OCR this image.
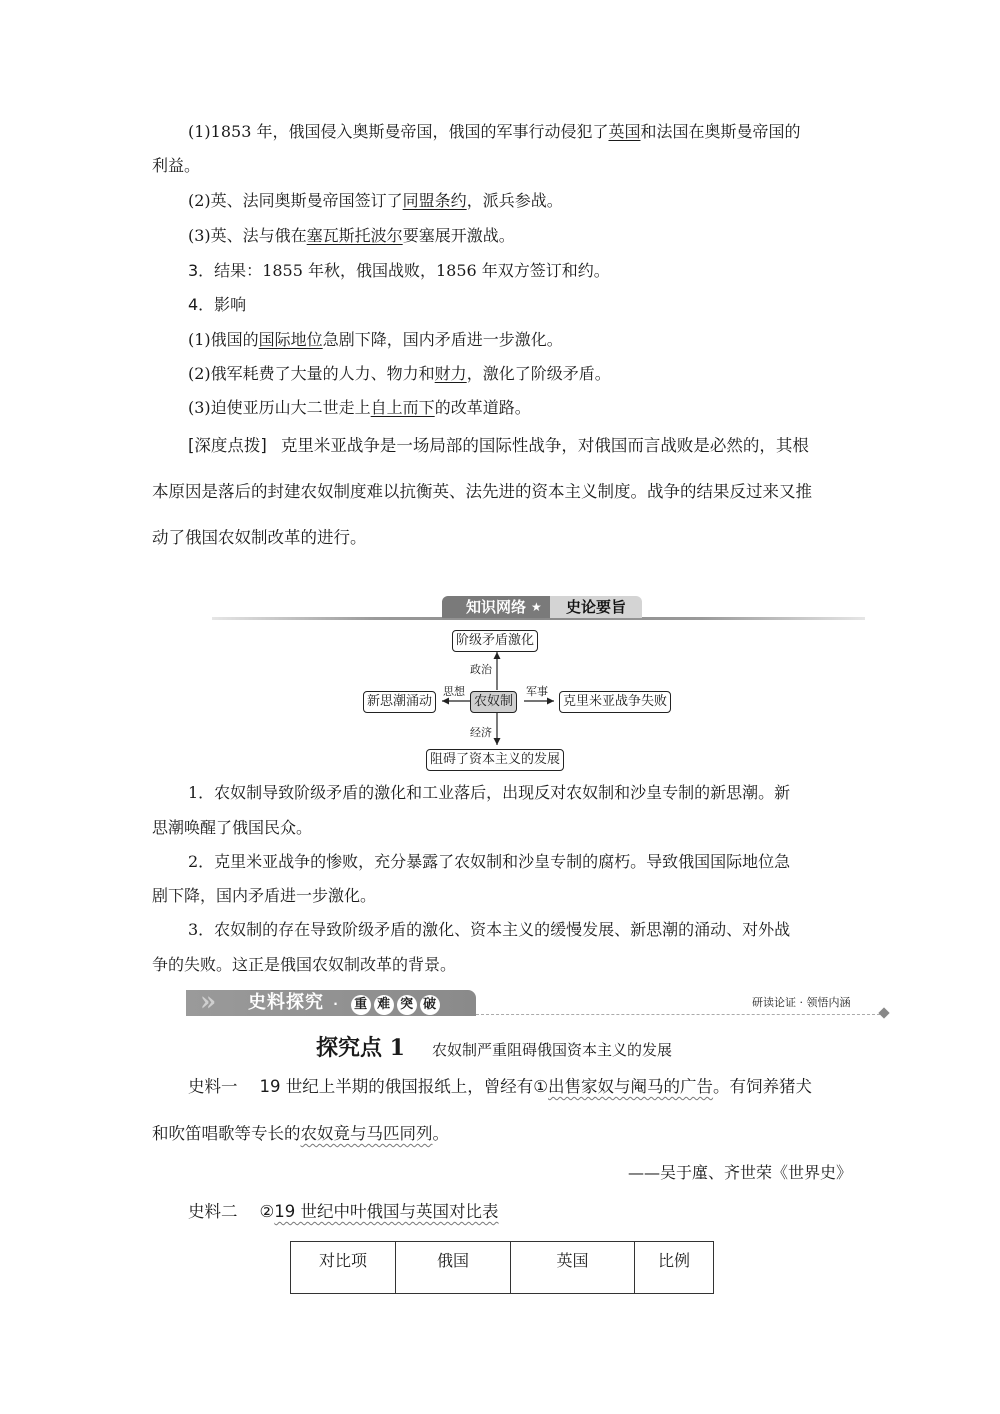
(1)1853 年，俄国侵入奥斯曼帝国，俄国的军事行动侵犯了英国和法国在奥斯曼帝国的
利益。
(2)英、法同奥斯曼帝国签订了同盟条约，派兵参战。
(3)英、法与俄在塞瓦斯托波尔要塞展开激战。
3．结果：1855 年秋，俄国战败，1856 年双方签订和约。
4．影响
(1)俄国的国际地位急剧下降，国内矛盾进一步激化。
(2)俄军耗费了大量的人力、物力和财力，激化了阶级矛盾。
(3)迫使亚历山大二世走上自上而下的改革道路。
[深度点拨] 克里米亚战争是一场局部的国际性战争，对俄国而言战败是必然的，其根
本原因是落后的封建农奴制度难以抗衡英、法先进的资本主义制度。战争的结果反过来又推
动了俄国农奴制改革的进行。
知识网络 ★	史论要旨
阶级矛盾激化
农奴制
新思潮涌动	克里米亚战争失败
阻碍了资本主义的发展
政治
思想	军事
经济
1．农奴制导致阶级矛盾的激化和工业落后，出现反对农奴制和沙皇专制的新思潮。新
思潮唤醒了俄国民众。
2．克里米亚战争的惨败，充分暴露了农奴制和沙皇专制的腐朽。导致俄国国际地位急
剧下降，国内矛盾进一步激化。
3．农奴制的存在导致阶级矛盾的激化、资本主义的缓慢发展、新思潮的涌动、对外战
争的失败。这正是俄国农奴制改革的背景。
» 史料探究 · 重 难 突 破	研读论证 · 领悟内涵
探究点 1 农奴制严重阻碍俄国资本主义的发展
史料一 19 世纪上半期的俄国报纸上，曾经有①出售家奴与阉马的广告。有饲养猪犬
和吹笛唱歌等专长的农奴竟与马匹同列。
——吴于廑、齐世荣《世界史》
史料二 ②19 世纪中叶俄国与英国对比表
对比项	俄国	英国	比例
